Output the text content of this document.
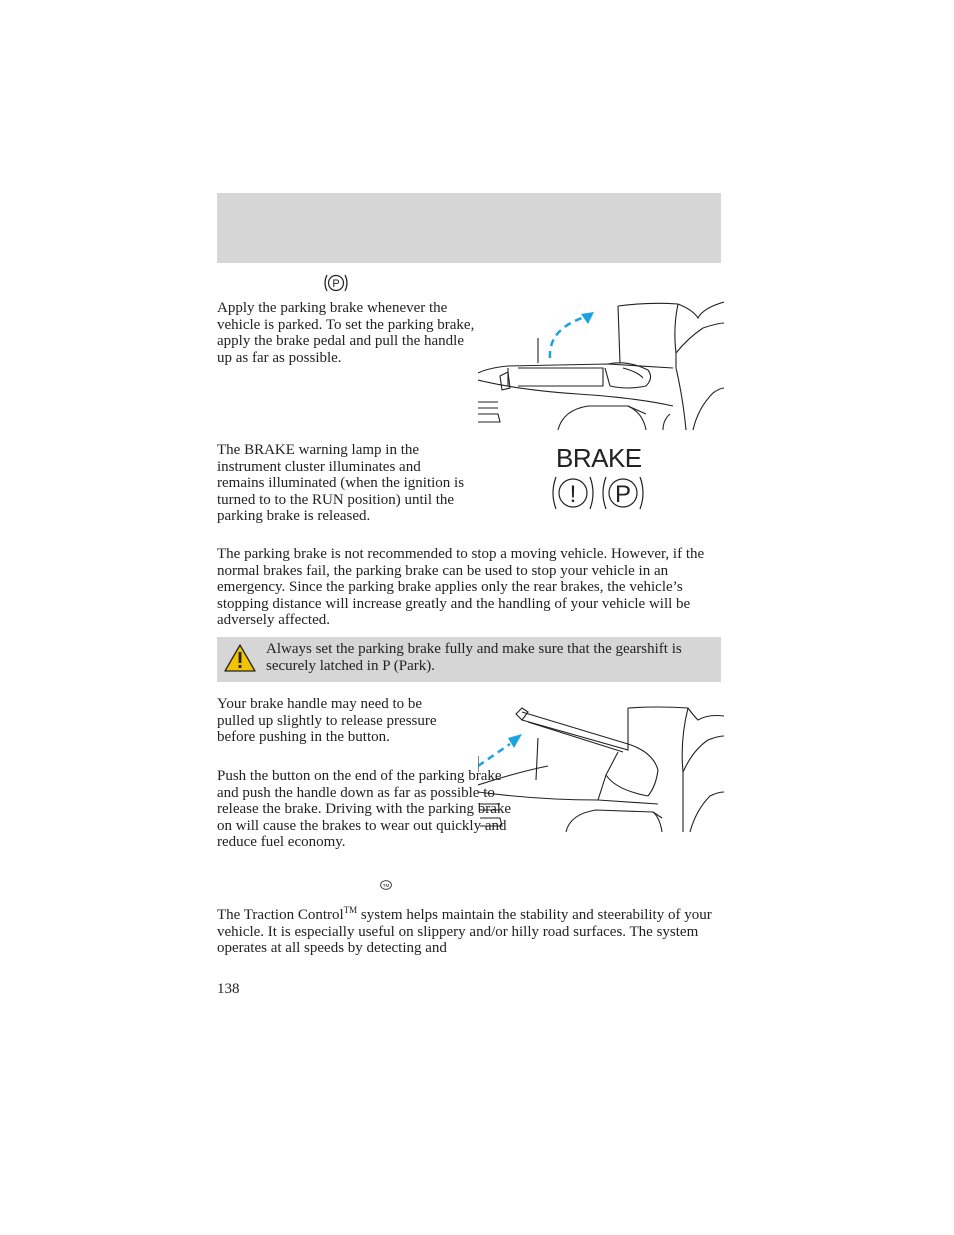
P

Apply the parking brake whenever the vehicle is parked. To set the parking brake, apply the brake pedal and pull the handle up as far as possible.

The BRAKE warning lamp in the instrument cluster illuminates and remains illuminated (when the ignition is turned to to the RUN position) until the parking brake is released.

BRAKE
! P

The parking brake is not recommended to stop a moving vehicle. However, if the normal brakes fail, the parking brake can be used to stop your vehicle in an emergency. Since the parking brake applies only the rear brakes, the vehicle’s stopping distance will increase greatly and the handling of your vehicle will be adversely affected.

Always set the parking brake fully and make sure that the gearshift is securely latched in P (Park).

Your brake handle may need to be pulled up slightly to release pressure before pushing in the button.

Push the button on the end of the parking brake and push the handle down as far as possible to release the brake. Driving with the parking brake on will cause the brakes to wear out quickly and reduce fuel economy.

TM

The Traction Control™ system helps maintain the stability and steerability of your vehicle. It is especially useful on slippery and/or hilly road surfaces. The system operates at all speeds by detecting and

138
